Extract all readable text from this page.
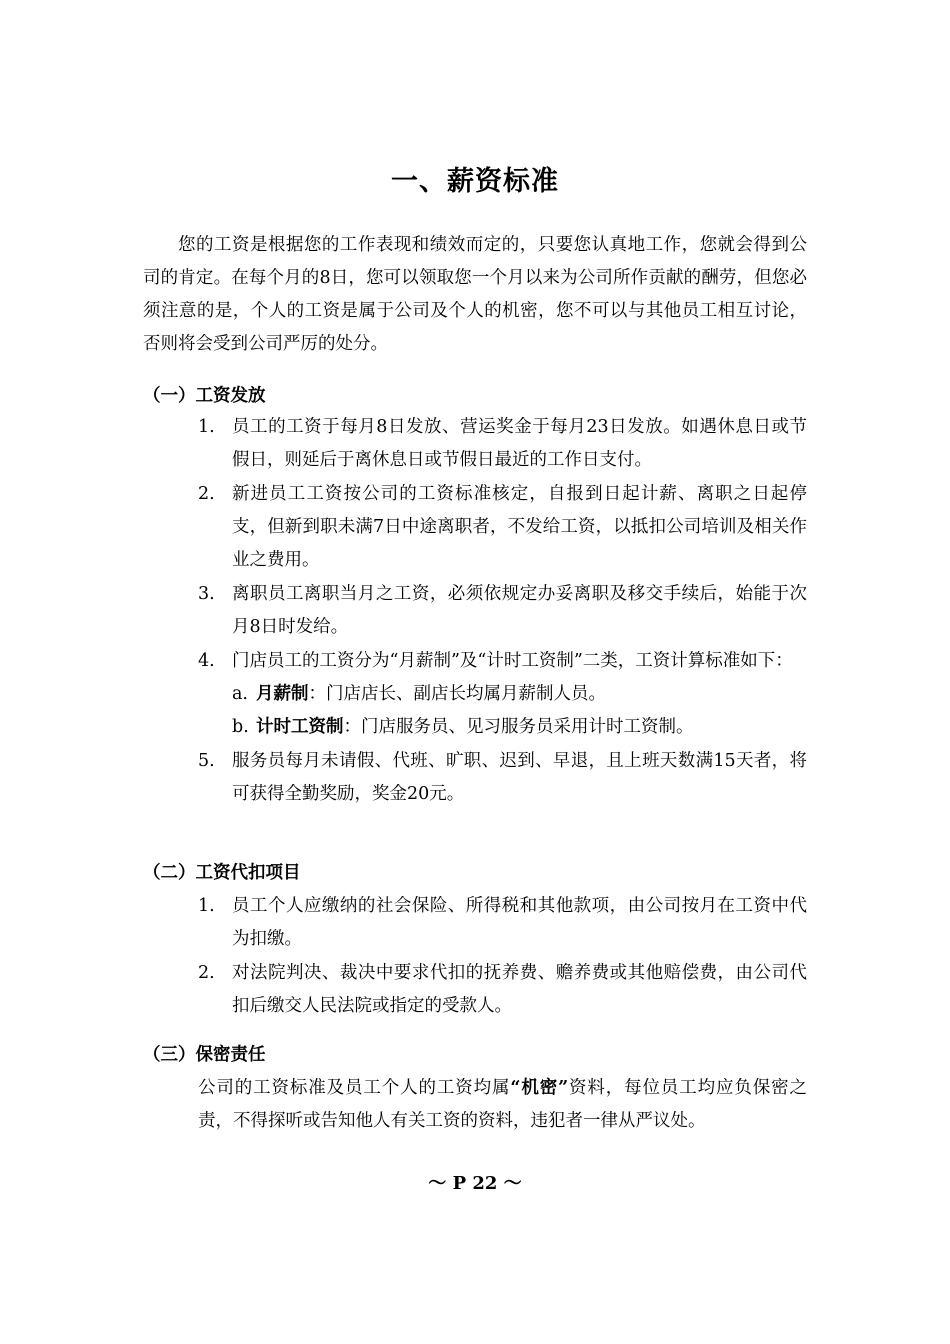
一、薪资标准

您的工资是根据您的工作表现和绩效而定的，只要您认真地工作，您就会得到公司的肯定。在每个月的8日，您可以领取您一个月以来为公司所作贡献的酬劳，但您必须注意的是，个人的工资是属于公司及个人的机密，您不可以与其他员工相互讨论，否则将会受到公司严厉的处分。

（一）工资发放
1. 员工的工资于每月8日发放、营运奖金于每月23日发放。如遇休息日或节假日，则延后于离休息日或节假日最近的工作日支付。
2. 新进员工工资按公司的工资标准核定，自报到日起计薪、离职之日起停支，但新到职未满7日中途离职者，不发给工资，以抵扣公司培训及相关作业之费用。
3. 离职员工离职当月之工资，必须依规定办妥离职及移交手续后，始能于次月8日时发给。
4. 门店员工的工资分为“月薪制”及“计时工资制”二类，工资计算标准如下：
a. 月薪制：门店店长、副店长均属月薪制人员。
b. 计时工资制：门店服务员、见习服务员采用计时工资制。
5. 服务员每月未请假、代班、旷职、迟到、早退，且上班天数满15天者，将可获得全勤奖励，奖金20元。
（二）工资代扣项目
1. 员工个人应缴纳的社会保险、所得税和其他款项，由公司按月在工资中代为扣缴。
2. 对法院判决、裁决中要求代扣的抚养费、赡养费或其他赔偿费，由公司代扣后缴交人民法院或指定的受款人。
（三）保密责任

公司的工资标准及员工个人的工资均属“机密”资料，每位员工均应负保密之责，不得探听或告知他人有关工资的资料，违犯者一律从严议处。

～ P 22 ～
